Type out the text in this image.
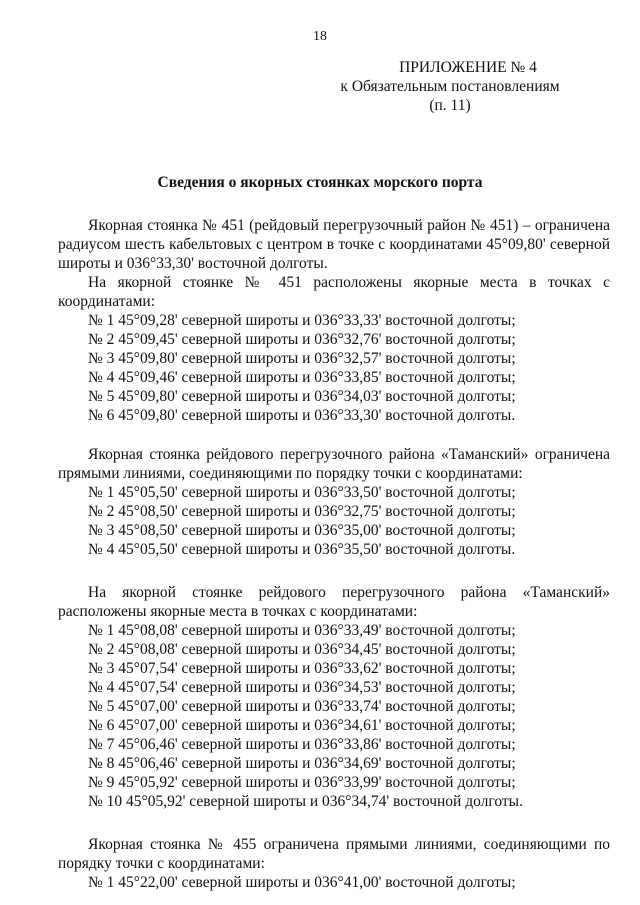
18
ПРИЛОЖЕНИЕ № 4
к Обязательным постановлениям
(п. 11)
Сведения о якорных стоянках морского порта

Якорная стоянка № 451 (рейдовый перегрузочный район № 451) – ограничена радиусом шесть кабельтовых с центром в точке с координатами 45°09,80' северной широты и 036°33,30' восточной долготы.

На якорной стоянке № 451 расположены якорные места в точках с координатами:

№ 1 45°09,28' северной широты и 036°33,33' восточной долготы;
№ 2 45°09,45' северной широты и 036°32,76' восточной долготы;
№ 3 45°09,80' северной широты и 036°32,57' восточной долготы;
№ 4 45°09,46' северной широты и 036°33,85' восточной долготы;
№ 5 45°09,80' северной широты и 036°34,03' восточной долготы;
№ 6 45°09,80' северной широты и 036°33,30' восточной долготы.

Якорная стоянка рейдового перегрузочного района «Таманский» ограничена прямыми линиями, соединяющими по порядку точки с координатами:

№ 1 45°05,50' северной широты и 036°33,50' восточной долготы;
№ 2 45°08,50' северной широты и 036°32,75' восточной долготы;
№ 3 45°08,50' северной широты и 036°35,00' восточной долготы;
№ 4 45°05,50' северной широты и 036°35,50' восточной долготы.

На якорной стоянке рейдового перегрузочного района «Таманский» расположены якорные места в точках с координатами:

№ 1 45°08,08' северной широты и 036°33,49' восточной долготы;
№ 2 45°08,08' северной широты и 036°34,45' восточной долготы;
№ 3 45°07,54' северной широты и 036°33,62' восточной долготы;
№ 4 45°07,54' северной широты и 036°34,53' восточной долготы;
№ 5 45°07,00' северной широты и 036°33,74' восточной долготы;
№ 6 45°07,00' северной широты и 036°34,61' восточной долготы;
№ 7 45°06,46' северной широты и 036°33,86' восточной долготы;
№ 8 45°06,46' северной широты и 036°34,69' восточной долготы;
№ 9 45°05,92' северной широты и 036°33,99' восточной долготы;
№ 10 45°05,92' северной широты и 036°34,74' восточной долготы.

Якорная стоянка № 455 ограничена прямыми линиями, соединяющими по порядку точки с координатами:

№ 1 45°22,00' северной широты и 036°41,00' восточной долготы;
